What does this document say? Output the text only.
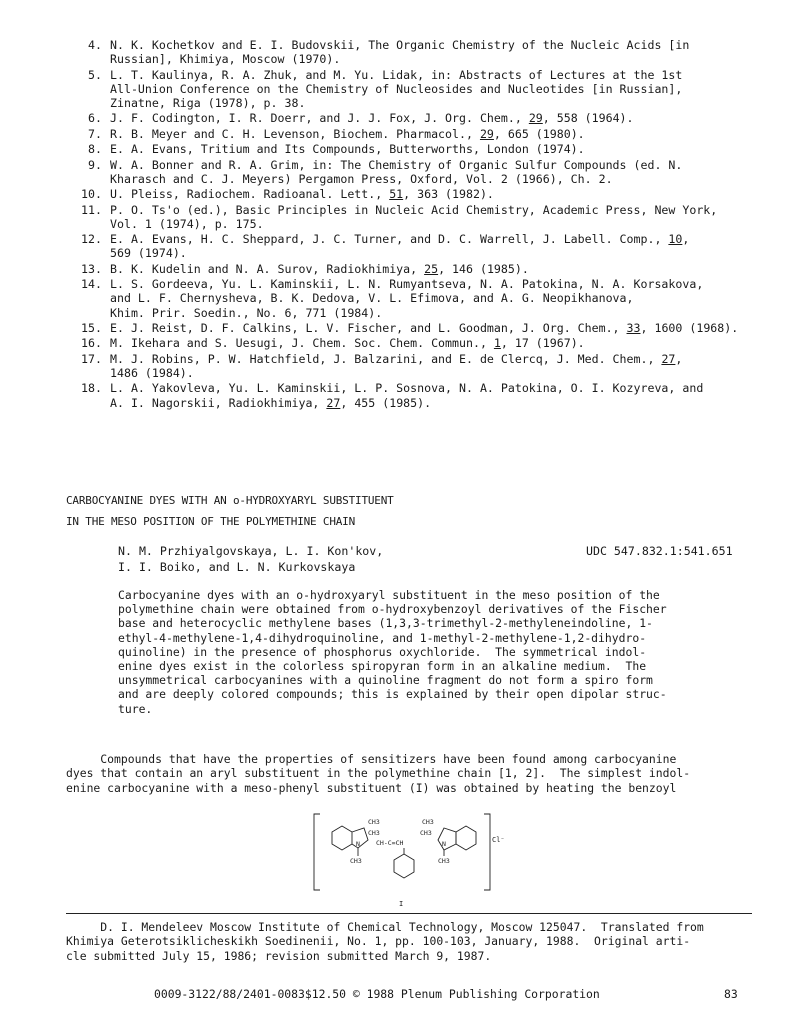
4. N. K. Kochetkov and E. I. Budovskii, The Organic Chemistry of the Nucleic Acids [in
Russian], Khimiya, Moscow (1970).
5. L. T. Kaulinya, R. A. Zhuk, and M. Yu. Lidak, in: Abstracts of Lectures at the 1st
All-Union Conference on the Chemistry of Nucleosides and Nucleotides [in Russian],
Zinatne, Riga (1978), p. 38.
6. J. F. Codington, I. R. Doerr, and J. J. Fox, J. Org. Chem., 29, 558 (1964).
7. R. B. Meyer and C. H. Levenson, Biochem. Pharmacol., 29, 665 (1980).
8. E. A. Evans, Tritium and Its Compounds, Butterworths, London (1974).
9. W. A. Bonner and R. A. Grim, in: The Chemistry of Organic Sulfur Compounds (ed. N.
Kharasch and C. J. Meyers) Pergamon Press, Oxford, Vol. 2 (1966), Ch. 2.
10. U. Pleiss, Radiochem. Radioanal. Lett., 51, 363 (1982).
11. P. O. Ts'o (ed.), Basic Principles in Nucleic Acid Chemistry, Academic Press, New York,
Vol. 1 (1974), p. 175.
12. E. A. Evans, H. C. Sheppard, J. C. Turner, and D. C. Warrell, J. Labell. Comp., 10,
569 (1974).
13. B. K. Kudelin and N. A. Surov, Radiokhimiya, 25, 146 (1985).
14. L. S. Gordeeva, Yu. L. Kaminskii, L. N. Rumyantseva, N. A. Patokina, N. A. Korsakova,
and L. F. Chernysheva, B. K. Dedova, V. L. Efimova, and A. G. Neopikhanova,
Khim. Prir. Soedin., No. 6, 771 (1984).
15. E. J. Reist, D. F. Calkins, L. V. Fischer, and L. Goodman, J. Org. Chem., 33, 1600 (1968).
16. M. Ikehara and S. Uesugi, J. Chem. Soc. Chem. Commun., 1, 17 (1967).
17. M. J. Robins, P. W. Hatchfield, J. Balzarini, and E. de Clercq, J. Med. Chem., 27,
1486 (1984).
18. L. A. Yakovleva, Yu. L. Kaminskii, L. P. Sosnova, N. A. Patokina, O. I. Kozyreva, and
A. I. Nagorskii, Radiokhimiya, 27, 455 (1985).
CARBOCYANINE DYES WITH AN o-HYDROXYARYL SUBSTITUENT
IN THE MESO POSITION OF THE POLYMETHINE CHAIN
N. M. Przhiyalgovskaya, L. I. Kon'kov,
I. I. Boiko, and L. N. Kurkovskaya
UDC 547.832.1:541.651
Carbocyanine dyes with an o-hydroxyaryl substituent in the meso position of the
polymethine chain were obtained from o-hydroxybenzoyl derivatives of the Fischer
base and heterocyclic methylene bases (1,3,3-trimethyl-2-methyleneindoline, 1-
ethyl-4-methylene-1,4-dihydroquinoline, and 1-methyl-2-methylene-1,2-dihydro-
quinoline) in the presence of phosphorus oxychloride.  The symmetrical indol-
enine dyes exist in the colorless spiropyran form in an alkaline medium.  The
unsymmetrical carbocyanines with a quinoline fragment do not form a spiro form
and are deeply colored compounds; this is explained by their open dipolar struc-
ture.
Compounds that have the properties of sensitizers have been found among carbocyanine
dyes that contain an aryl substituent in the polymethine chain [1, 2].  The simplest indol-
enine carbocyanine with a meso-phenyl substituent (I) was obtained by heating the benzoyl
CH3
CH3
CH3
CH3
N	N
CH-C=CH
CH3	CH3
Cl⁻
I
D. I. Mendeleev Moscow Institute of Chemical Technology, Moscow 125047.  Translated from
Khimiya Geterotsiklicheskikh Soedinenii, No. 1, pp. 100-103, January, 1988.  Original arti-
cle submitted July 15, 1986; revision submitted March 9, 1987.
0009-3122/88/2401-0083$12.50 © 1988 Plenum Publishing Corporation	83
